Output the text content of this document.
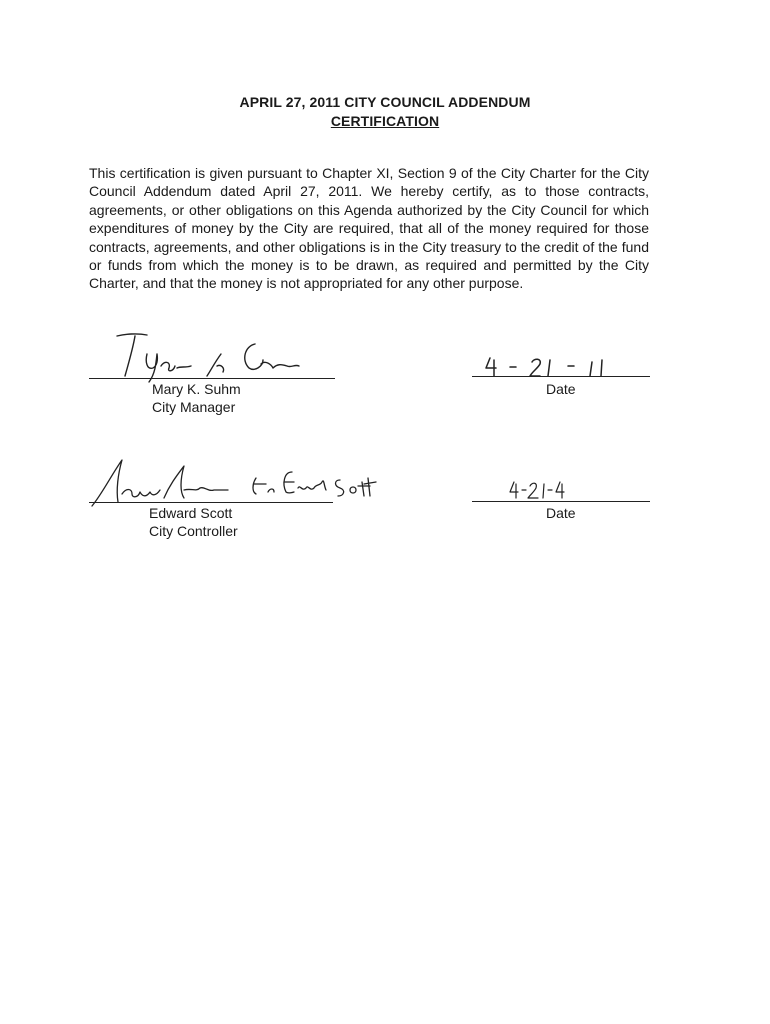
APRIL 27, 2011 CITY COUNCIL ADDENDUM
CERTIFICATION

This certification is given pursuant to Chapter XI, Section 9 of the City Charter for the City Council Addendum dated April 27, 2011. We hereby certify, as to those contracts, agreements, or other obligations on this Agenda authorized by the City Council for which expenditures of money by the City are required, that all of the money required for those contracts, agreements, and other obligations is in the City treasury to the credit of the fund or funds from which the money is to be drawn, as required and permitted by the City Charter, and that the money is not appropriated for any other purpose.

Mary K. Suhm
City Manager
Date
Edward Scott
City Controller
Date
